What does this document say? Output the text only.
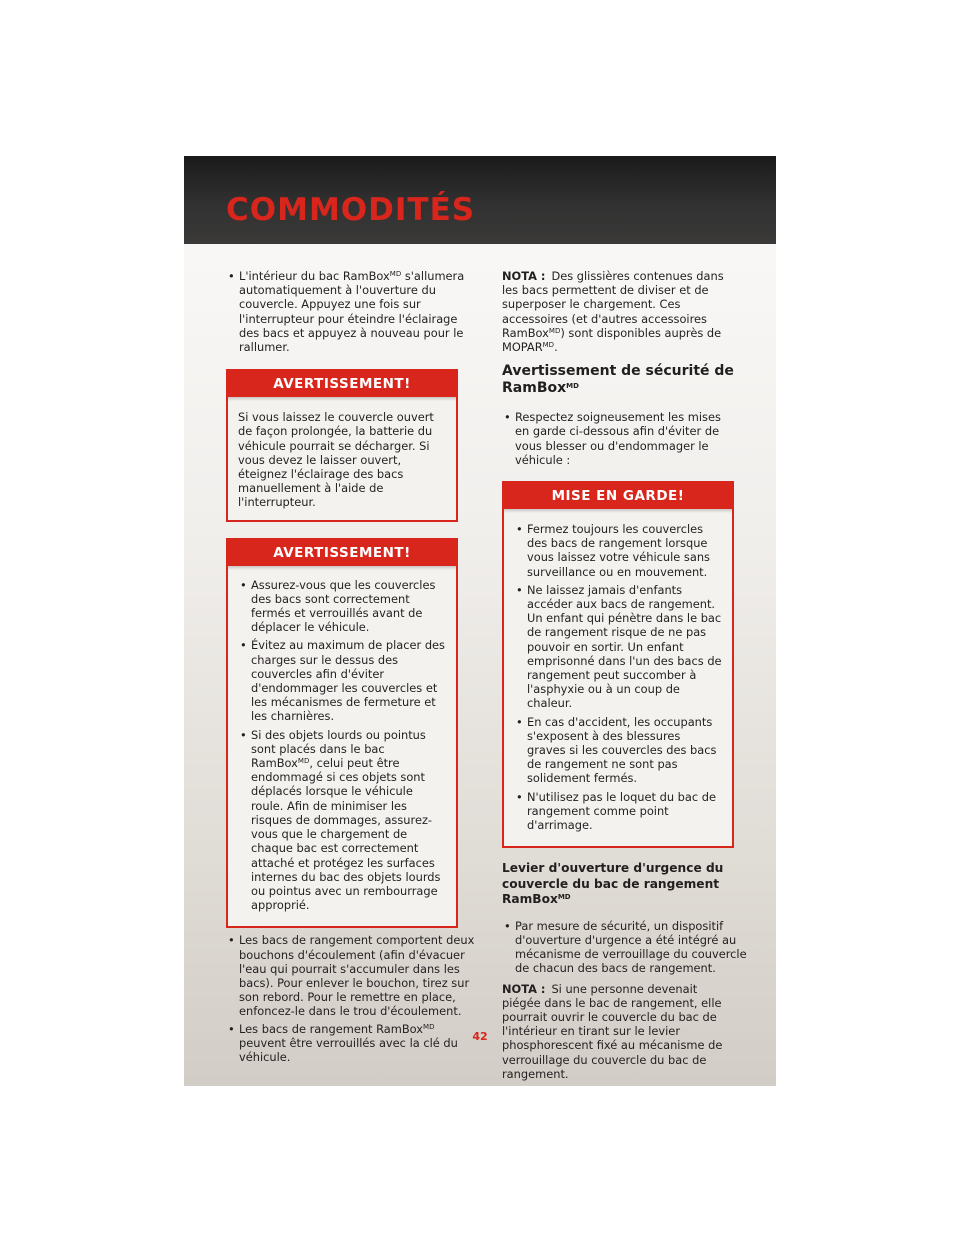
COMMODITÉS
• L'intérieur du bac RamBox$^{MD}$ s'allumera automatiquement à l'ouverture du couvercle. Appuyez une fois sur l'interrupteur pour éteindre l'éclairage des bacs et appuyez à nouveau pour le rallumer.
AVERTISSEMENT!

Si vous laissez le couvercle ouvert de façon prolongée, la batterie du véhicule pourrait se décharger. Si vous devez le laisser ouvert, éteignez l'éclairage des bacs manuellement à l'aide de l'interrupteur.

AVERTISSEMENT!
• Assurez-vous que les couvercles des bacs sont correctement fermés et verrouillés avant de déplacer le véhicule.
• Évitez au maximum de placer des charges sur le dessus des couvercles afin d'éviter d'endommager les couvercles et les mécanismes de fermeture et les charnières.
• Si des objets lourds ou pointus sont placés dans le bac RamBox$^{MD}$, celui peut être endommagé si ces objets sont déplacés lorsque le véhicule roule. Afin de minimiser les risques de dommages, assurez-vous que le chargement de chaque bac est correctement attaché et protégez les surfaces internes du bac des objets lourds ou pointus avec un rembourrage approprié.
• Les bacs de rangement comportent deux bouchons d'écoulement (afin d'évacuer l'eau qui pourrait s'accumuler dans les bacs). Pour enlever le bouchon, tirez sur son rebord. Pour le remettre en place, enfoncez-le dans le trou d'écoulement.
• Les bacs de rangement RamBox$^{MD}$ peuvent être verrouillés avec la clé du véhicule.

NOTA : Des glissières contenues dans les bacs permettent de diviser et de superposer le chargement. Ces accessoires (et d'autres accessoires RamBox$^{MD}$) sont disponibles auprès de $MOPAR^{MD}$.

Avertissement de sécurité de RamBox$^{MD}$

• Respectez soigneusement les mises en garde ci-dessous afin d'éviter de vous blesser ou d'endommager le véhicule :
MISE EN GARDE!
• Fermez toujours les couvercles des bacs de rangement lorsque vous laissez votre véhicule sans surveillance ou en mouvement.
• Ne laissez jamais d'enfants accéder aux bacs de rangement. Un enfant qui pénètre dans le bac de rangement risque de ne pas pouvoir en sortir. Un enfant emprisonné dans l'un des bacs de rangement peut succomber à l'asphyxie ou à un coup de chaleur.
• En cas d'accident, les occupants s'exposent à des blessures graves si les couvercles des bacs de rangement ne sont pas solidement fermés.
• N'utilisez pas le loquet du bac de rangement comme point d'arrimage.

Levier d'ouverture d'urgence du couvercle du bac de rangement RamBox$^{MD}$

• Par mesure de sécurité, un dispositif d'ouverture d'urgence a été intégré au mécanisme de verrouillage du couvercle de chacun des bacs de rangement.

NOTA : Si une personne devenait piégée dans le bac de rangement, elle pourrait ouvrir le couvercle du bac de l'intérieur en tirant sur le levier phosphorescent fixé au mécanisme de verrouillage du couvercle du bac de rangement.

42
